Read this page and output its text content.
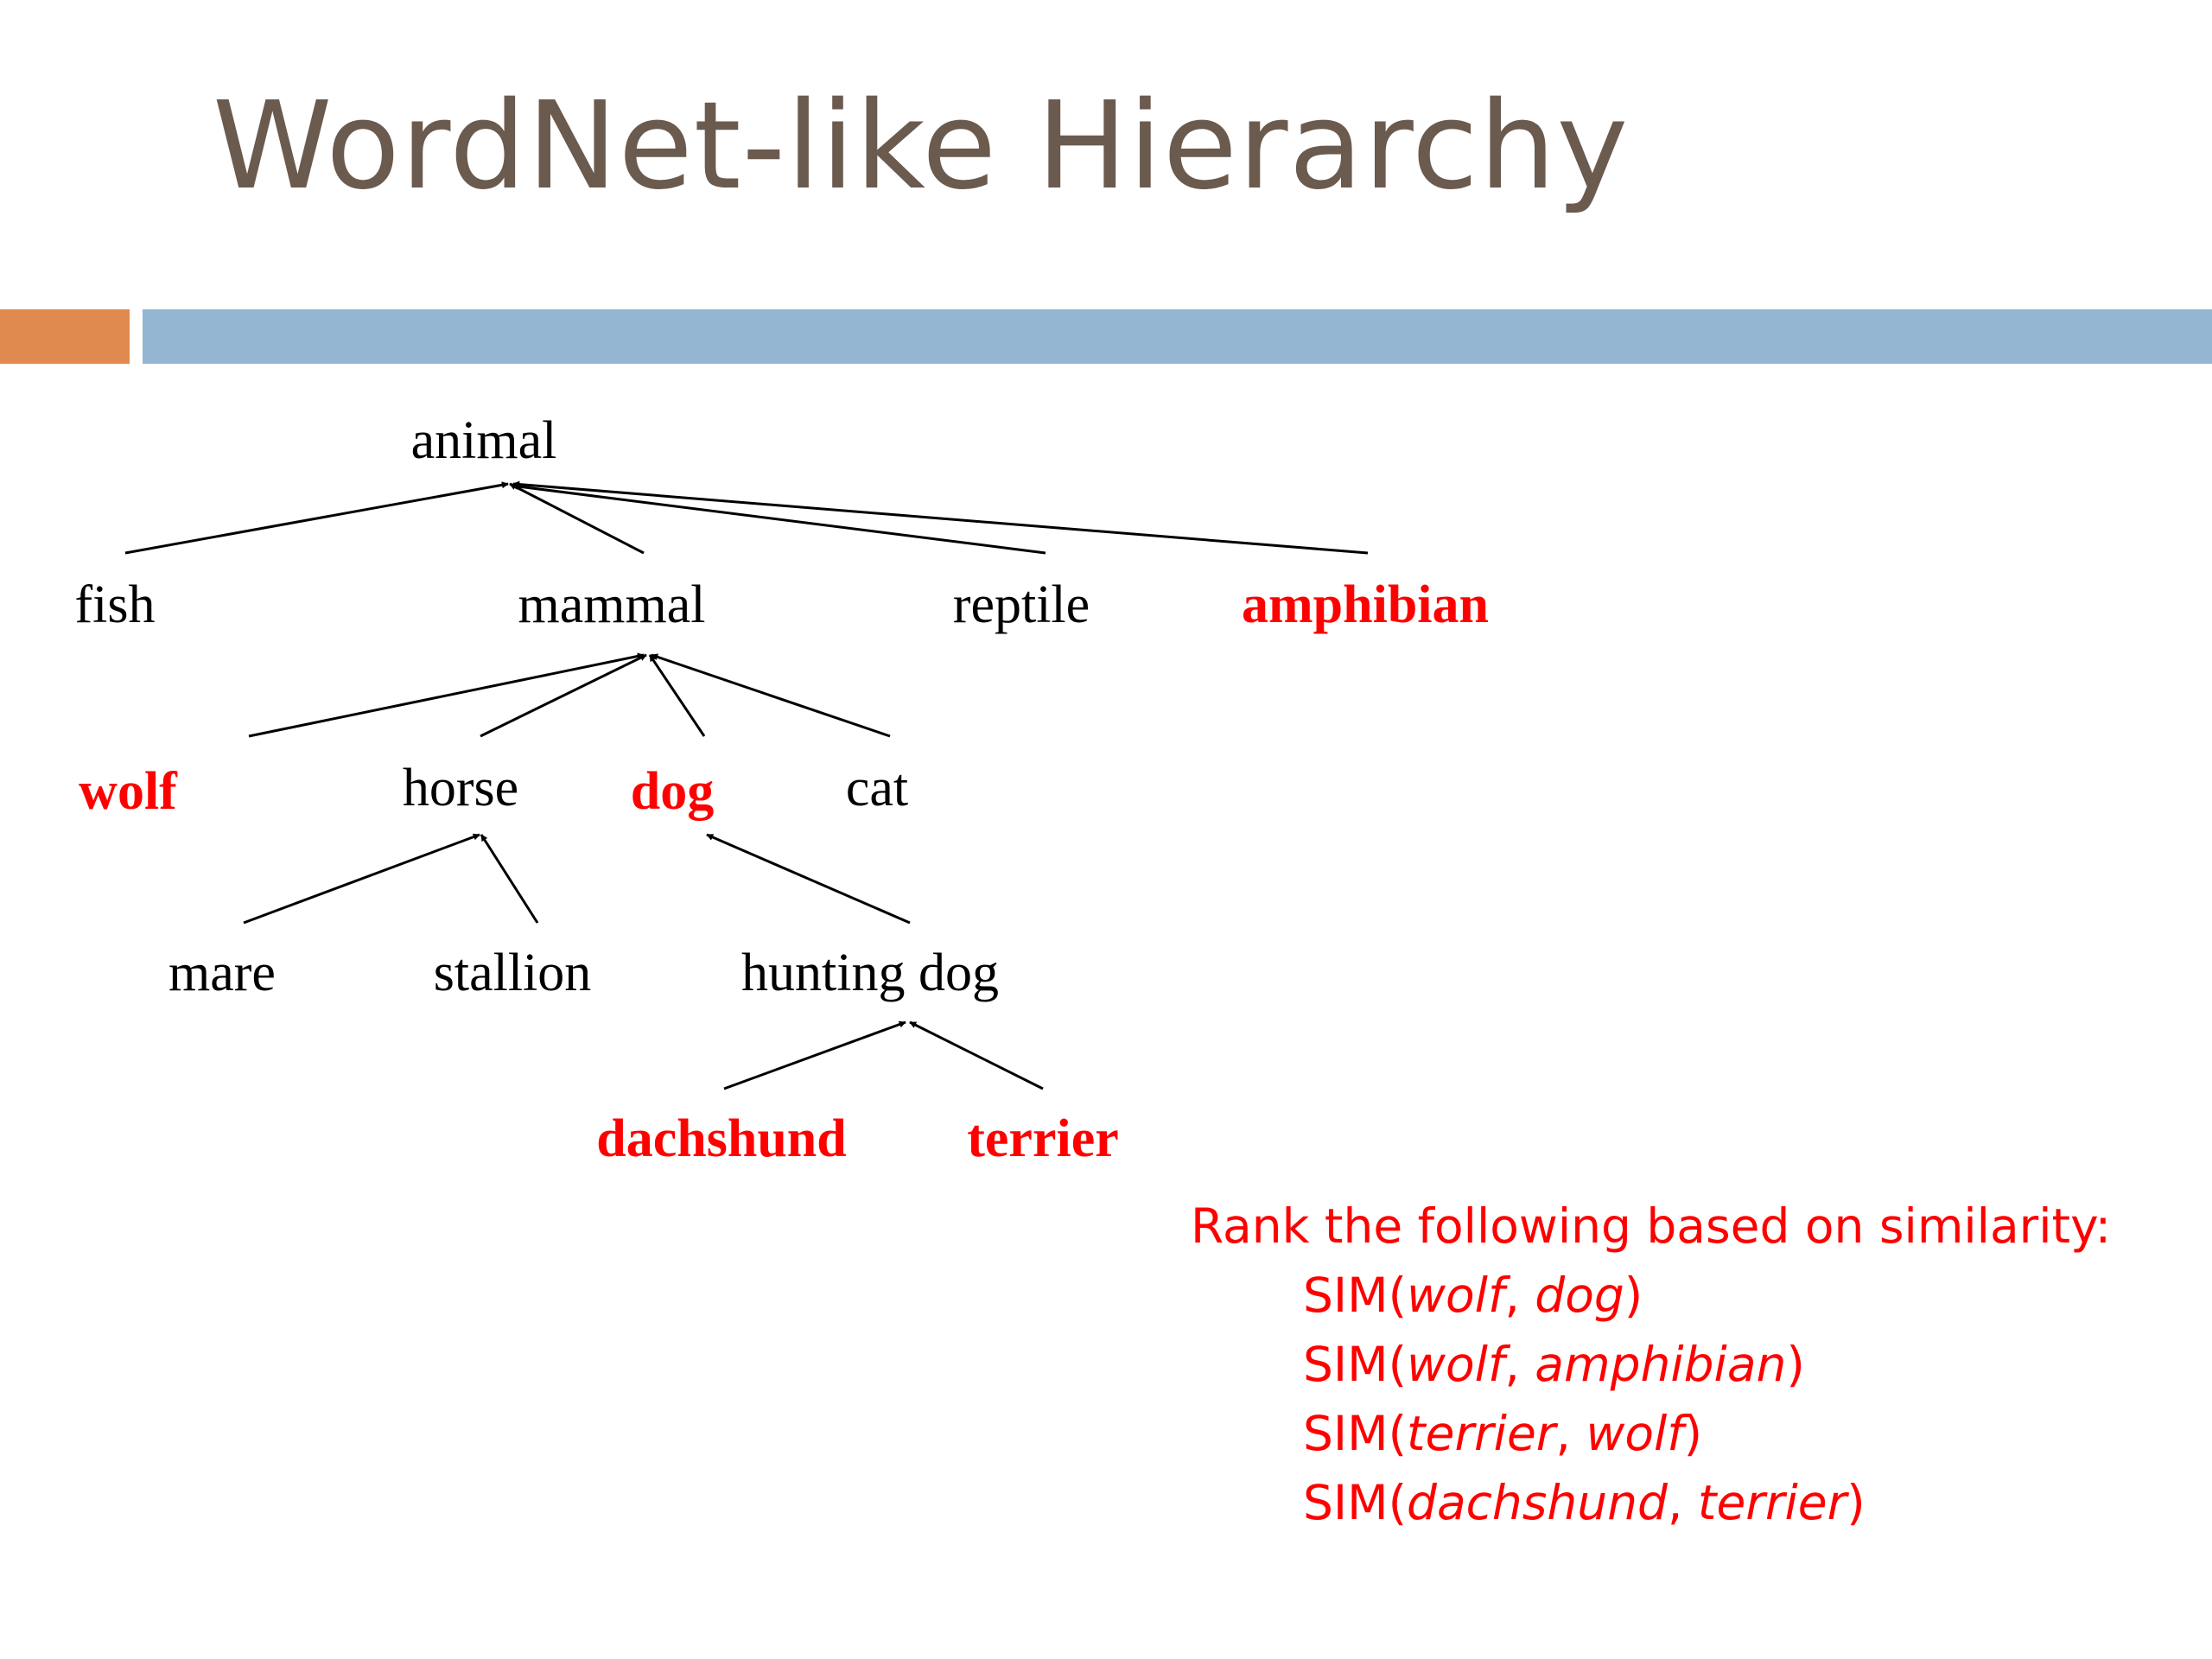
WordNet-like Hierarchy
animal
fish	mammal	reptile	amphibian
wolf	horse dog cat
mare	stallion	hunting dog
dachshund terrier
Rank the following based on similarity:
SIM(wolf, dog)
SIM(wolf, amphibian)
SIM(terrier, wolf)
SIM(dachshund, terrier)
